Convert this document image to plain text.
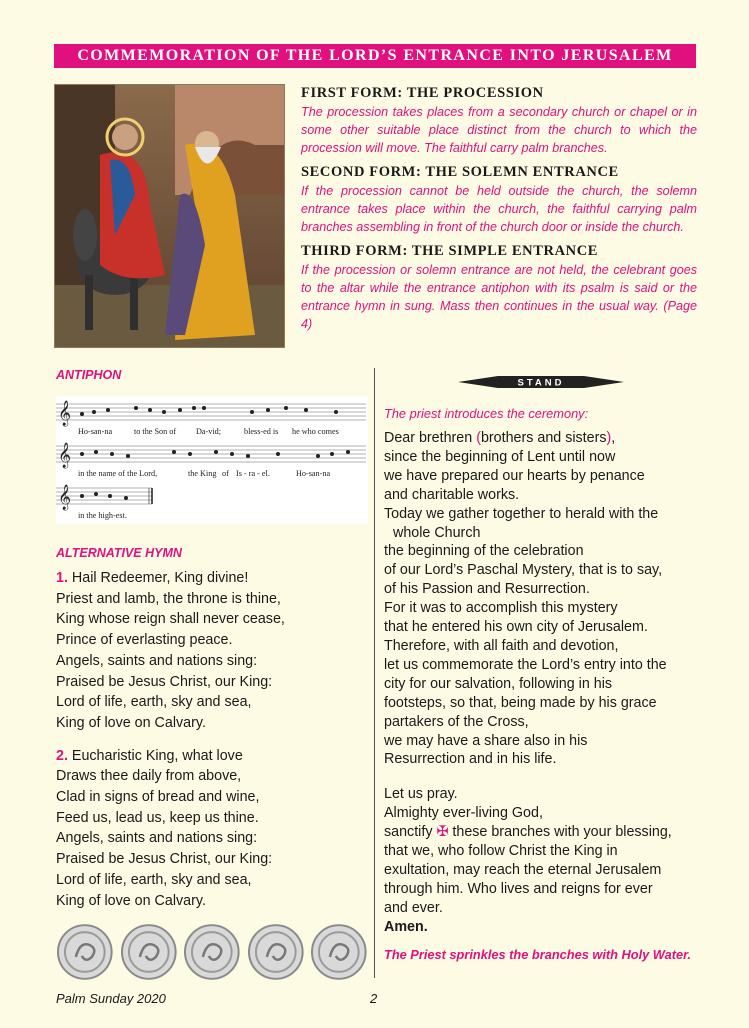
COMMEMORATION OF THE LORD’S ENTRANCE INTO JERUSALEM
FIRST FORM: THE PROCESSION

The procession takes places from a secondary church or chapel or in some other suitable place distinct from the church to which the procession will move. The faithful carry palm branches.

SECOND FORM: THE SOLEMN ENTRANCE

If the procession cannot be held outside the church, the solemn entrance takes place within the church, the faithful carrying palm branches assembling in front of the church door or inside the church.

THIRD FORM: THE SIMPLE ENTRANCE

If the procession or solemn entrance are not held, the celebrant goes to the altar while the entrance antiphon with its psalm is said or the entrance hymn in sung. Mass then continues in the usual way. (Page 4)

ANTIPHON

𝄞
𝄞
𝄞
Ho-san-na	to the Son of Da-vid;	bless-ed is he who comes
in the name of the Lord,	the King of Is - ra - el.	Ho-san-na
in the high-est.

ALTERNATIVE HYMN

1. Hail Redeemer, King divine!
Priest and lamb, the throne is thine,
King whose reign shall never cease,
Prince of everlasting peace.
Angels, saints and nations sing:
Praised be Jesus Christ, our King:
Lord of life, earth, sky and sea,
King of love on Calvary.
2. Eucharistic King, what love
Draws thee daily from above,
Clad in signs of bread and wine,
Feed us, lead us, keep us thine.
Angels, saints and nations sing:
Praised be Jesus Christ, our King:
Lord of life, earth, sky and sea,
King of love on Calvary.
STAND

The priest introduces the ceremony:

Dear brethren (brothers and sisters),
since the beginning of Lent until now
we have prepared our hearts by penance
and charitable works.
Today we gather together to herald with the
whole Church
the beginning of the celebration
of our Lord’s Paschal Mystery, that is to say,
of his Passion and Resurrection.
For it was to accomplish this mystery
that he entered his own city of Jerusalem.
Therefore, with all faith and devotion,
let us commemorate the Lord’s entry into the
city for our salvation, following in his
footsteps, so that, being made by his grace
partakers of the Cross,
we may have a share also in his
Resurrection and in his life.
Let us pray.
Almighty ever-living God,
sanctify ✠ these branches with your blessing,
that we, who follow Christ the King in
exultation, may reach the eternal Jerusalem
through him. Who lives and reigns for ever
and ever.
Amen.
The Priest sprinkles the branches with Holy Water.
Palm Sunday 2020	2
